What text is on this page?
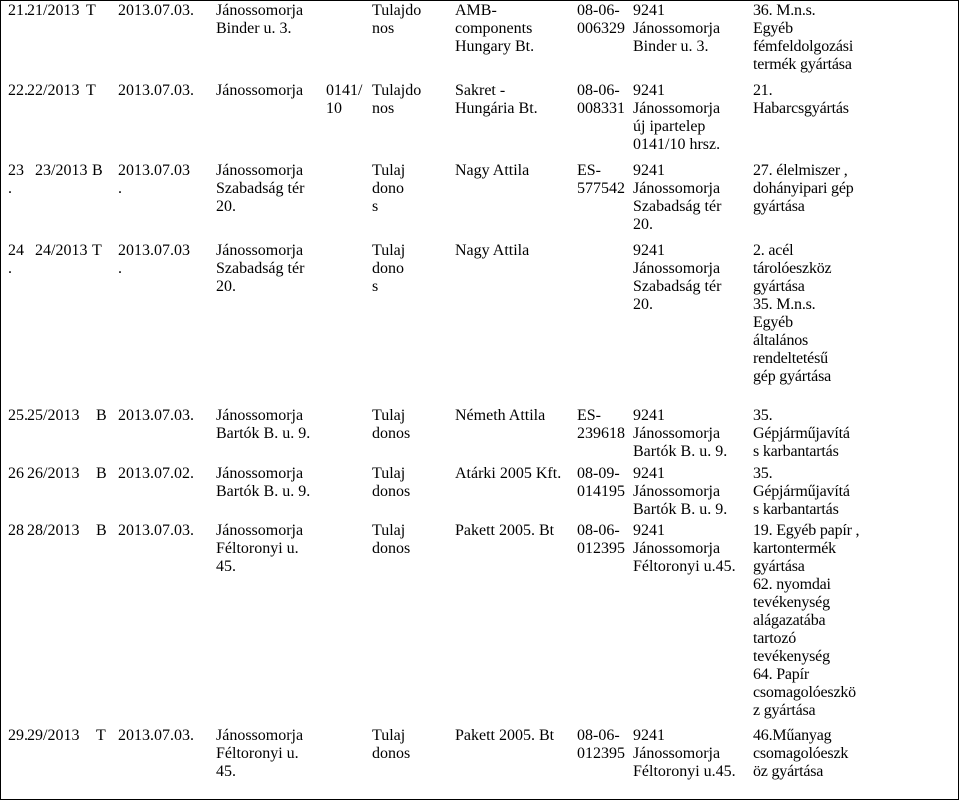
21. 21/2013 T 2013.07.03. Jánossomorja
Binder u. 3.
Tulajdo
nos
AMB-
components
Hungary Bt.
08-06-
006329
9241
Jánossomorja
Binder u. 3.
36. M.n.s.
Egyéb
fémfeldolgozási
termék gyártása
22. 22/2013 T 2013.07.03. Jánossomorja 0141/
10
Tulajdo
nos
Sakret -
Hungária Bt.
08-06-
008331
9241
Jánossomorja
új ipartelep
0141/10 hrsz.
21.
Habarcsgyártás
23
.
23/2013 B 2013.07.03
.
Jánossomorja
Szabadság tér
20.
Tulaj
dono
s
Nagy Attila	ES-
577542
9241
Jánossomorja
Szabadság tér
20.
27. élelmiszer ,
dohányipari gép
gyártása
24
.
24/2013 T 2013.07.03
.
Jánossomorja
Szabadság tér
20.
Tulaj
dono
s
Nagy Attila	9241
Jánossomorja
Szabadság tér
20.
2. acél
tárolóeszköz
gyártása
35. M.n.s.
Egyéb
általános
rendeltetésű
gép gyártása
25. 25/2013 B 2013.07.03. Jánossomorja
Bartók B. u. 9.
Tulaj
donos
Németh Attila ES-
239618
9241
Jánossomorja
Bartók B. u. 9.
35.
Gépjárműjavítá
s karbantartás
26 26/2013 B 2013.07.02. Jánossomorja
Bartók B. u. 9.
Tulaj
donos
Atárki 2005 Kft. 08-09-
014195
9241
Jánossomorja
Bartók B. u. 9.
35.
Gépjárműjavítá
s karbantartás
28 28/2013 B 2013.07.03. Jánossomorja
Féltoronyi u.
45.
Tulaj
donos
Pakett 2005. Bt 08-06-
012395
9241
Jánossomorja
Féltoronyi u.45.
19. Egyéb papír ,
kartontermék
gyártása
62. nyomdai
tevékenység
alágazatába
tartozó
tevékenység
64. Papír
csomagolóeszkö
z gyártása
29. 29/2013 T 2013.07.03. Jánossomorja
Féltoronyi u.
45.
Tulaj
donos
Pakett 2005. Bt 08-06-
012395
9241
Jánossomorja
Féltoronyi u.45.
46.Műanyag
csomagolóeszk
öz gyártása
